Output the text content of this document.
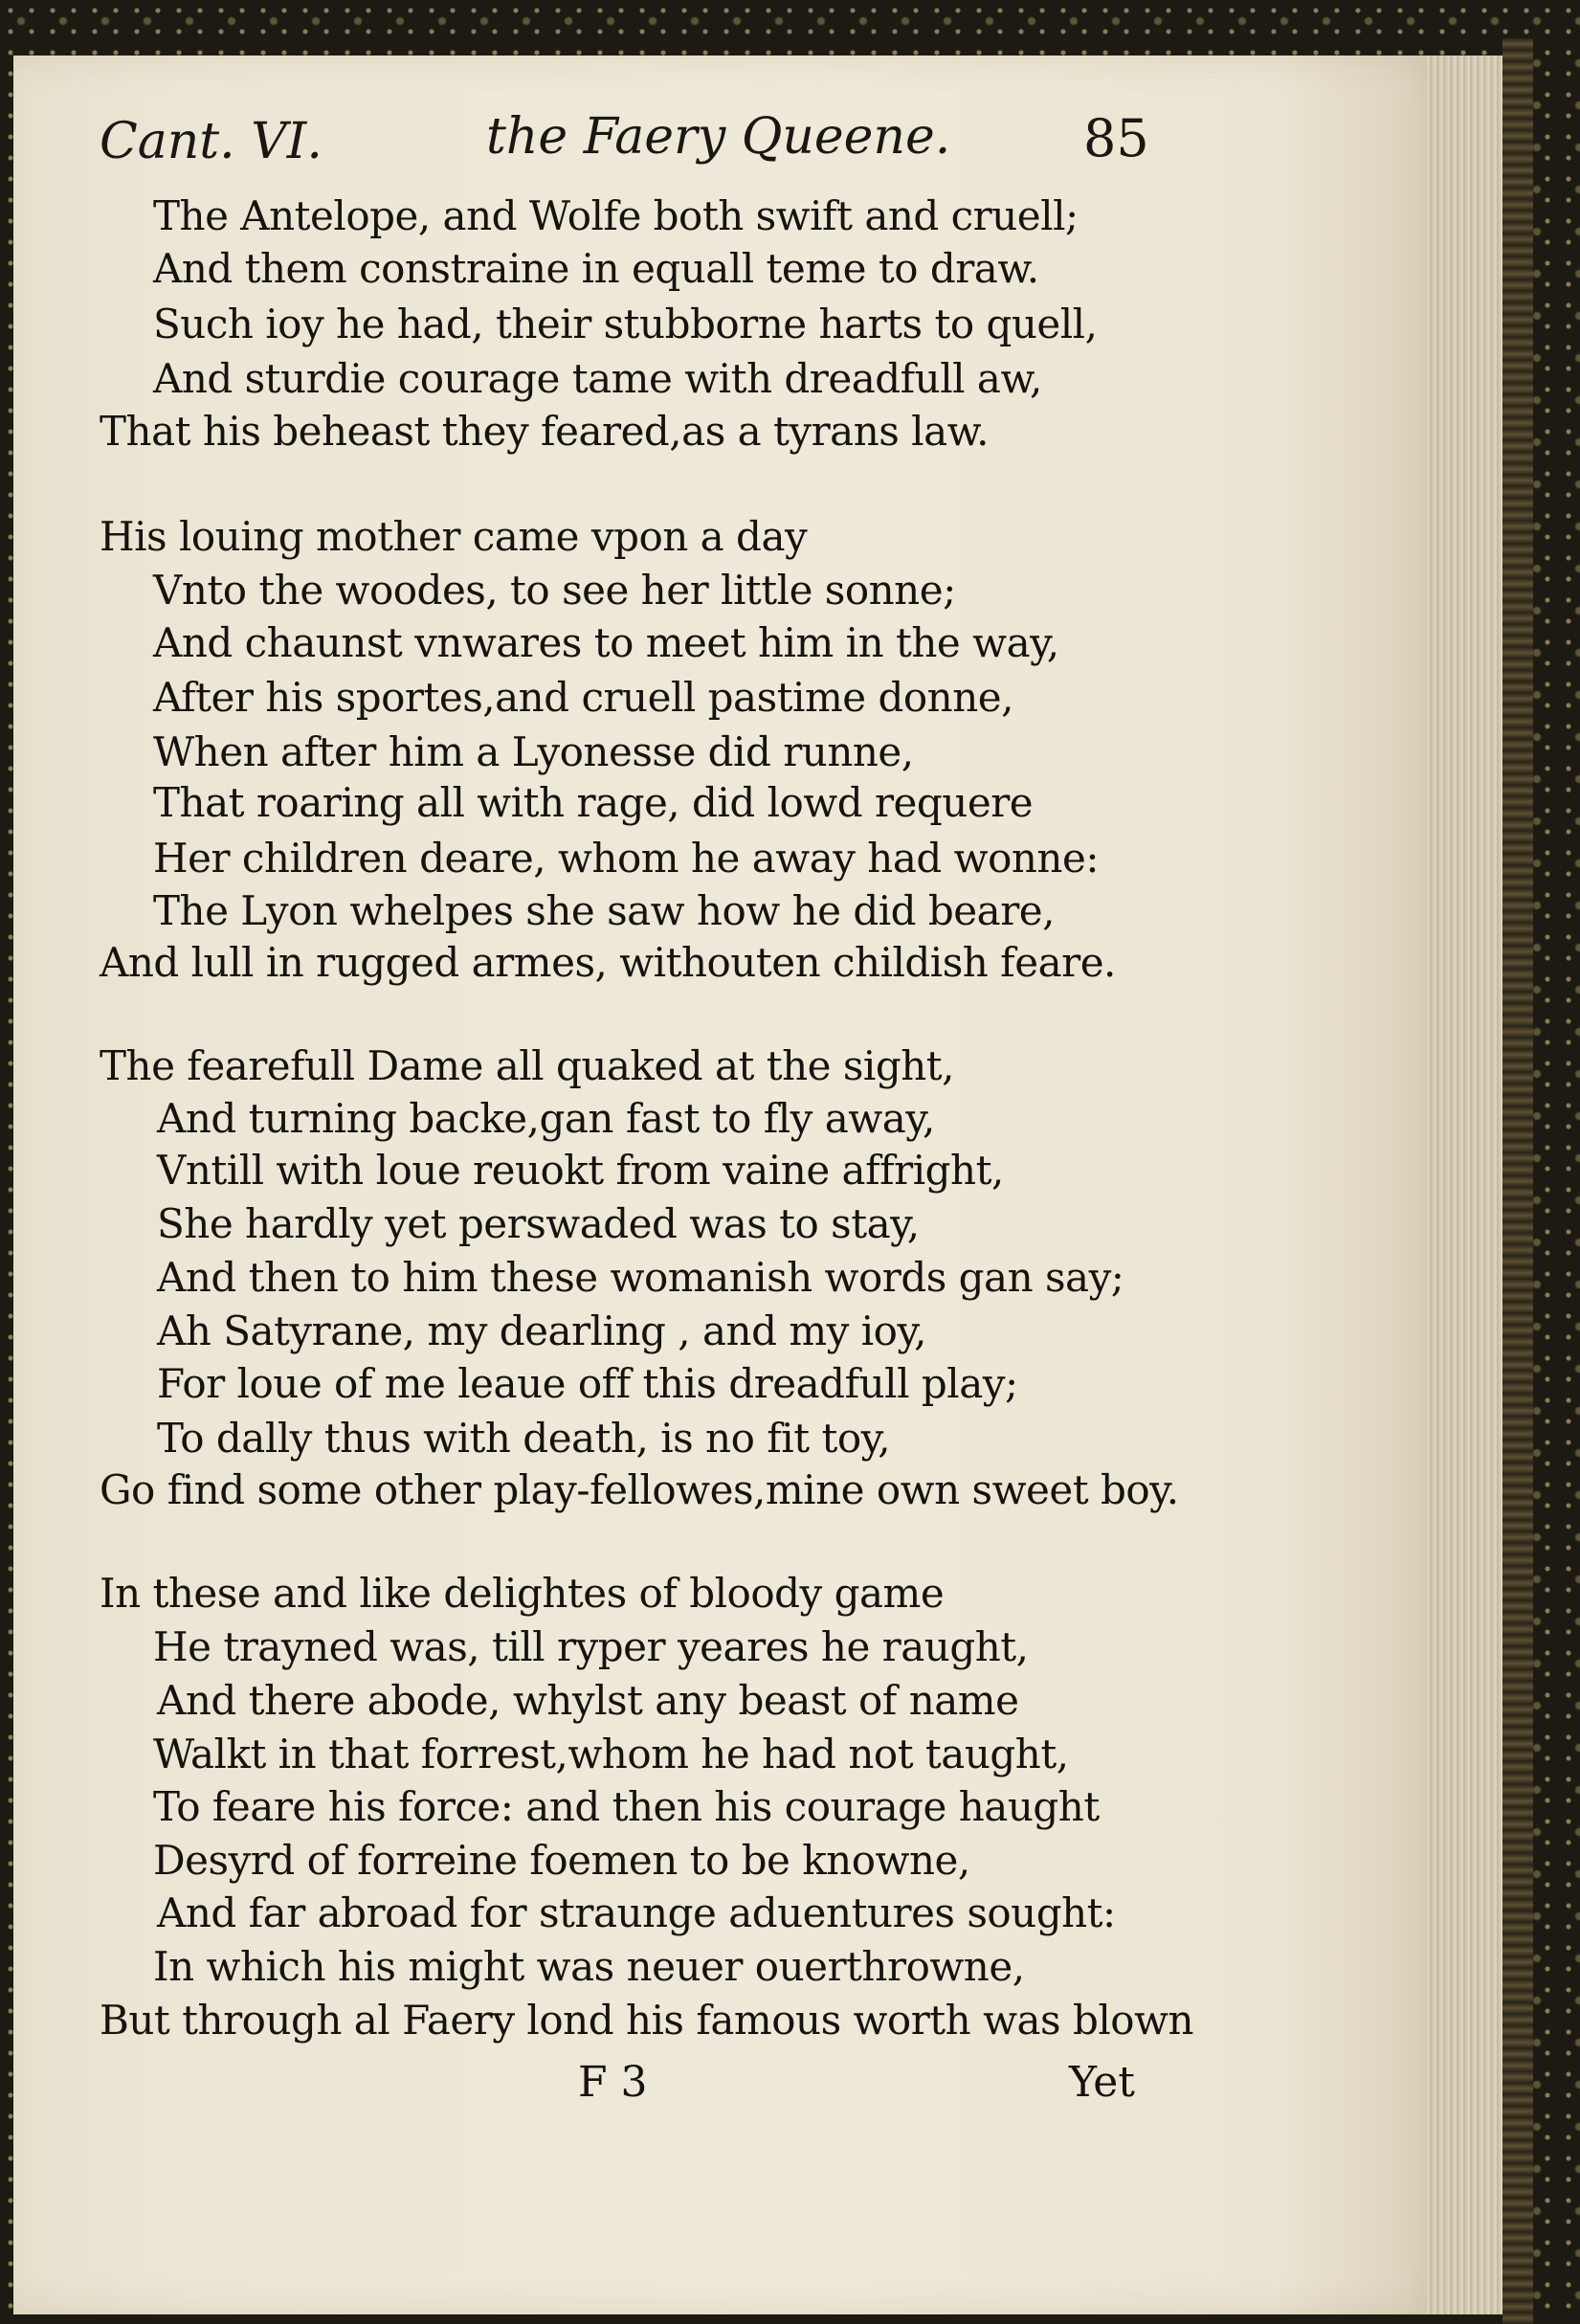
Cant. VI.	the Faery Queene.	85
The Antelope, and Wolfe both swift and cruell;
And them constraine in equall teme to draw.
Such ioy he had, their stubborne harts to quell,
And sturdie courage tame with dreadfull aw,
That his beheast they feared,as a tyrans law.
His louing mother came vpon a day
Vnto the woodes, to see her little sonne;
And chaunst vnwares to meet him in the way,
After his sportes,and cruell pastime donne,
When after him a Lyonesse did runne,
That roaring all with rage, did lowd requere
Her children deare, whom he away had wonne:
The Lyon whelpes she saw how he did beare,
And lull in rugged armes, withouten childish feare.
The fearefull Dame all quaked at the sight,
And turning backe,gan fast to fly away,
Vntill with loue reuokt from vaine affright,
She hardly yet perswaded was to stay,
And then to him these womanish words gan say;
Ah Satyrane, my dearling , and my ioy,
For loue of me leaue off this dreadfull play;
To dally thus with death, is no fit toy,
Go find some other play-fellowes,mine own sweet boy.
In these and like delightes of bloody game
He trayned was, till ryper yeares he raught,
And there abode, whylst any beast of name
Walkt in that forrest,whom he had not taught,
To feare his force: and then his courage haught
Desyrd of forreine foemen to be knowne,
And far abroad for straunge aduentures sought:
In which his might was neuer ouerthrowne,
But through al Faery lond his famous worth was blown
F 3	Yet
